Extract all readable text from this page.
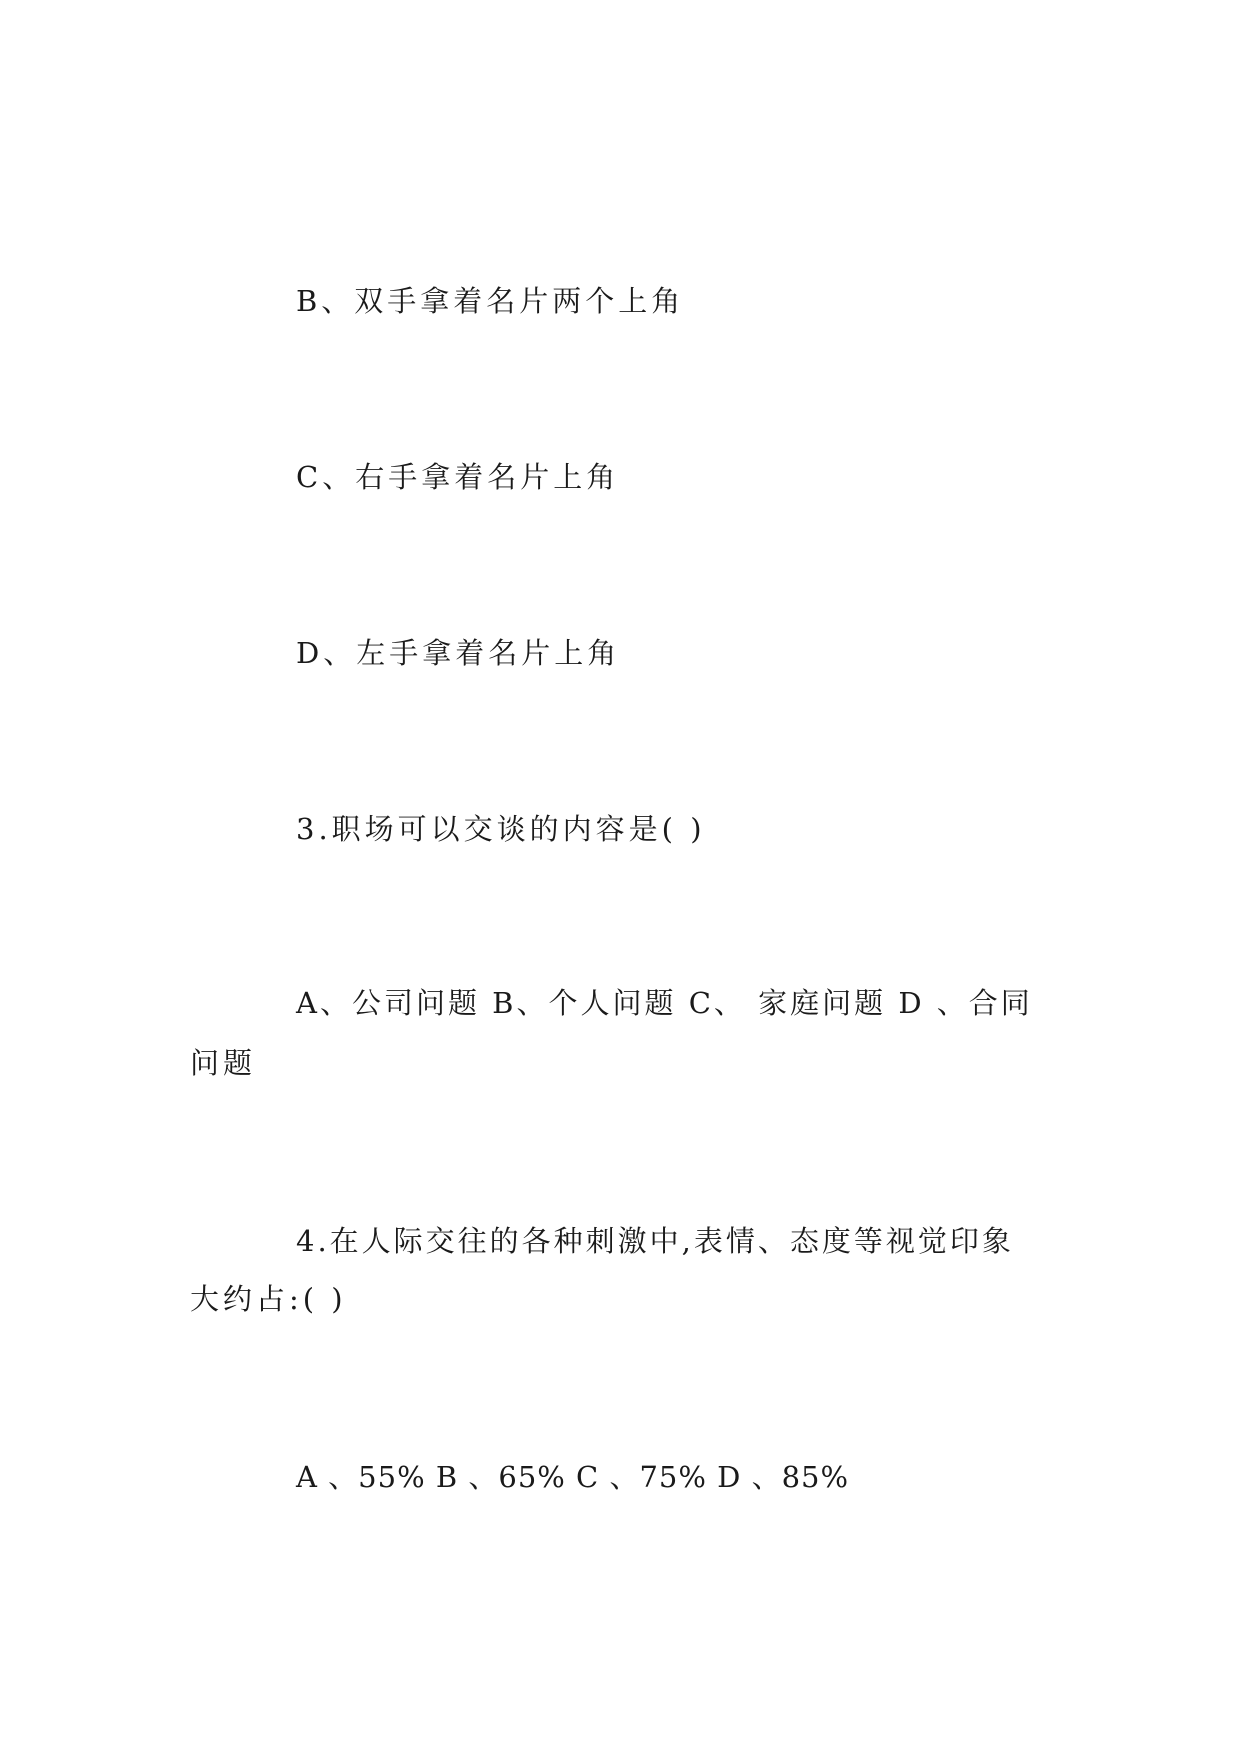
B、双手拿着名片两个上角
C、右手拿着名片上角
D、左手拿着名片上角
3.职场可以交谈的内容是( )
A、公司问题 B、个人问题 C、 家庭问题 D 、合同
问题
4.在人际交往的各种刺激中,表情、态度等视觉印象
大约占:( )
A 、55% B 、65% C 、75% D 、85%
